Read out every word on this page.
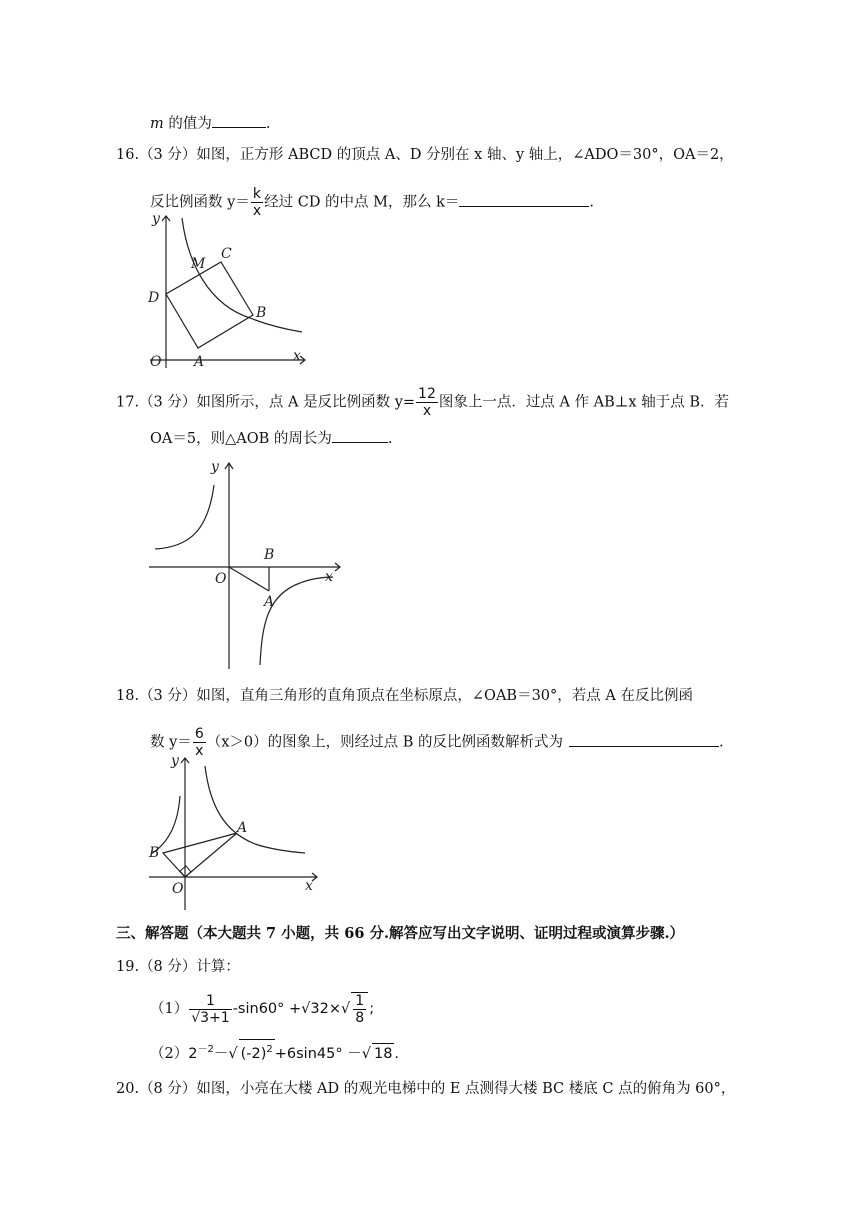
m 的值为	.
16.（3 分）如图，正方形 ABCD 的顶点 A、D 分别在 x 轴、y 轴上，∠ADO＝30°，OA＝2，
反比例函数 $y= \frac{k}{x}$ 经过 CD 的中点 M，那么 k＝	.
y
x
O A
B
C
D
M
17.（3 分）如图所示，点 A 是反比例函数 $y= \frac{12}{x}$ 图象上一点．过点 A 作 AB⊥x 轴于点 B．若
OA＝5，则△AOB 的周长为	.
y
x
O
B
A
18.（3 分）如图，直角三角形的直角顶点在坐标原点，∠OAB＝30°，若点 A 在反比例函
数 $y= \frac{6}{x} (x>0)$的图象上，则经过点 B 的反比例函数解析式为	.
y
x
O
A
B
三、解答题（本大题共 7 小题，共 66 分.解答应写出文字说明、证明过程或演算步骤.）
19.（8 分）计算：
$(1) \frac{1}{√3+1} -\sin 60^\circ +√32\times√ \frac{1}{8}$ ;
$(2)2^{-2}-√$ $(-2)^2 +6\sin 45^\circ$ －√ 18 .
20.（8 分）如图，小亮在大楼 AD 的观光电梯中的 E 点测得大楼 BC 楼底 C 点的俯角为 60°，
